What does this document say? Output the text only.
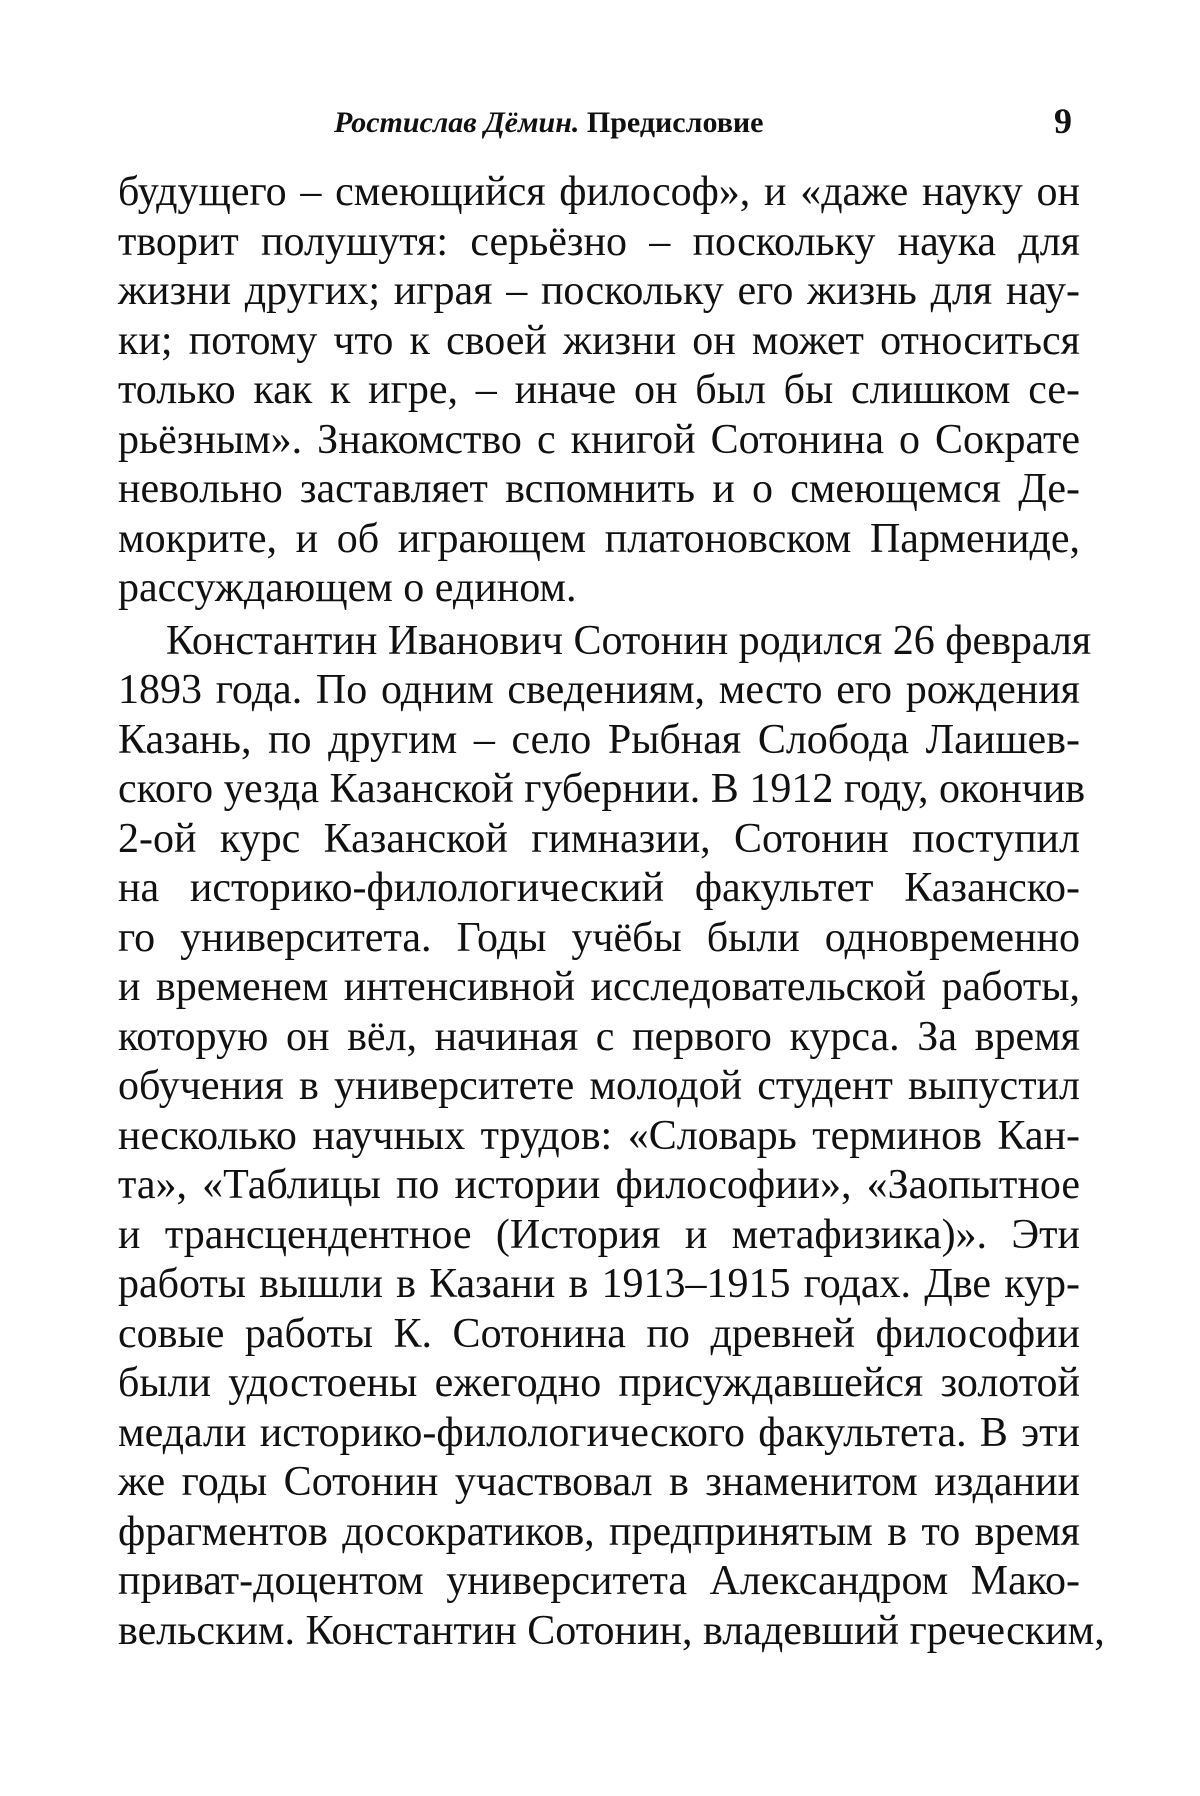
Ростислав Дёмин. Предисловие	9
будущего – смеющийся философ», и «даже науку он
творит полушутя: серьёзно – поскольку наука для
жизни других; играя – поскольку его жизнь для нау-
ки; потому что к своей жизни он может относиться
только как к игре, – иначе он был бы слишком се-
рьёзным». Знакомство с книгой Сотонина о Сократе
невольно заставляет вспомнить и о смеющемся Де-
мокрите, и об играющем платоновском Пармениде,
рассуждающем о едином.
Константин Иванович Сотонин родился 26 февраля
1893 года. По одним сведениям, место его рождения
Казань, по другим – село Рыбная Слобода Лаишев-
ского уезда Казанской губернии. В 1912 году, окончив
2-ой курс Казанской гимназии, Сотонин поступил
на историко-филологический факультет Казанско-
го университета. Годы учёбы были одновременно
и временем интенсивной исследовательской работы,
которую он вёл, начиная с первого курса. За время
обучения в университете молодой студент выпустил
несколько научных трудов: «Словарь терминов Кан-
та», «Таблицы по истории философии», «Заопытное
и трансцендентное (История и метафизика)». Эти
работы вышли в Казани в 1913–1915 годах. Две кур-
совые работы К. Сотонина по древней философии
были удостоены ежегодно присуждавшейся золотой
медали историко-филологического факультета. В эти
же годы Сотонин участвовал в знаменитом издании
фрагментов досократиков, предпринятым в то время
приват-доцентом университета Александром Мако-
вельским. Константин Сотонин, владевший греческим,
